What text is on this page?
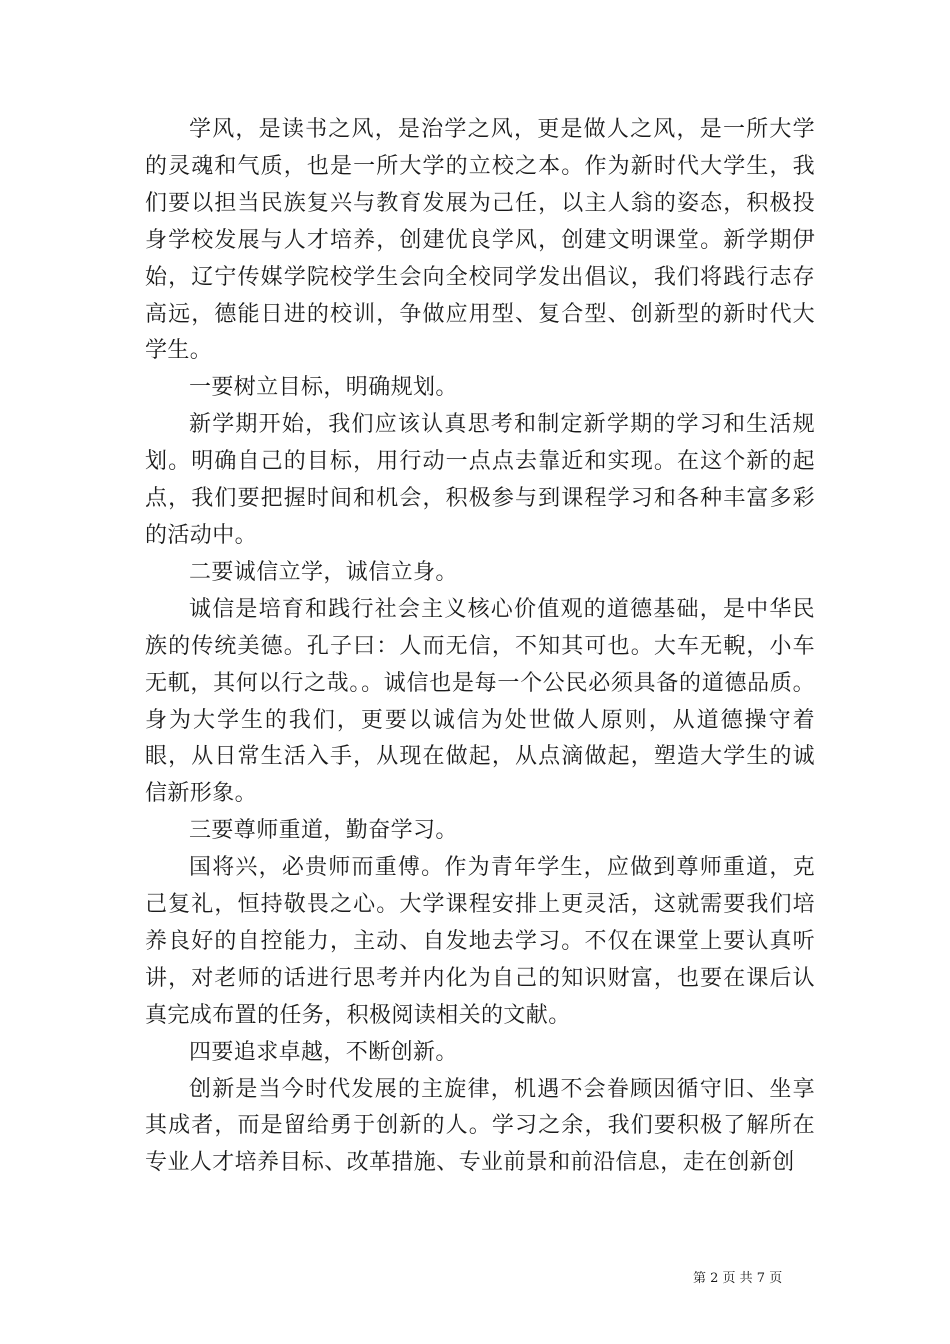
学风，是读书之风，是治学之风，更是做人之风，是一所大学的灵魂和气质，也是一所大学的立校之本。作为新时代大学生，我们要以担当民族复兴与教育发展为己任，以主人翁的姿态，积极投身学校发展与人才培养，创建优良学风，创建文明课堂。新学期伊始，辽宁传媒学院校学生会向全校同学发出倡议，我们将践行志存高远，德能日进的校训，争做应用型、复合型、创新型的新时代大学生。

一要树立目标，明确规划。

新学期开始，我们应该认真思考和制定新学期的学习和生活规划。明确自己的目标，用行动一点点去靠近和实现。在这个新的起点，我们要把握时间和机会，积极参与到课程学习和各种丰富多彩的活动中。

二要诚信立学，诚信立身。

诚信是培育和践行社会主义核心价值观的道德基础，是中华民族的传统美德。孔子曰：人而无信，不知其可也。大车无輗，小车无軏，其何以行之哉。。诚信也是每一个公民必须具备的道德品质。身为大学生的我们，更要以诚信为处世做人原则，从道德操守着眼，从日常生活入手，从现在做起，从点滴做起，塑造大学生的诚信新形象。

三要尊师重道，勤奋学习。

国将兴，必贵师而重傅。作为青年学生，应做到尊师重道，克己复礼，恒持敬畏之心。大学课程安排上更灵活，这就需要我们培养良好的自控能力，主动、自发地去学习。不仅在课堂上要认真听讲，对老师的话进行思考并内化为自己的知识财富，也要在课后认真完成布置的任务，积极阅读相关的文献。

四要追求卓越，不断创新。

创新是当今时代发展的主旋律，机遇不会眷顾因循守旧、坐享其成者，而是留给勇于创新的人。学习之余，我们要积极了解所在专业人才培养目标、改革措施、专业前景和前沿信息，走在创新创

第 2 页 共 7 页
